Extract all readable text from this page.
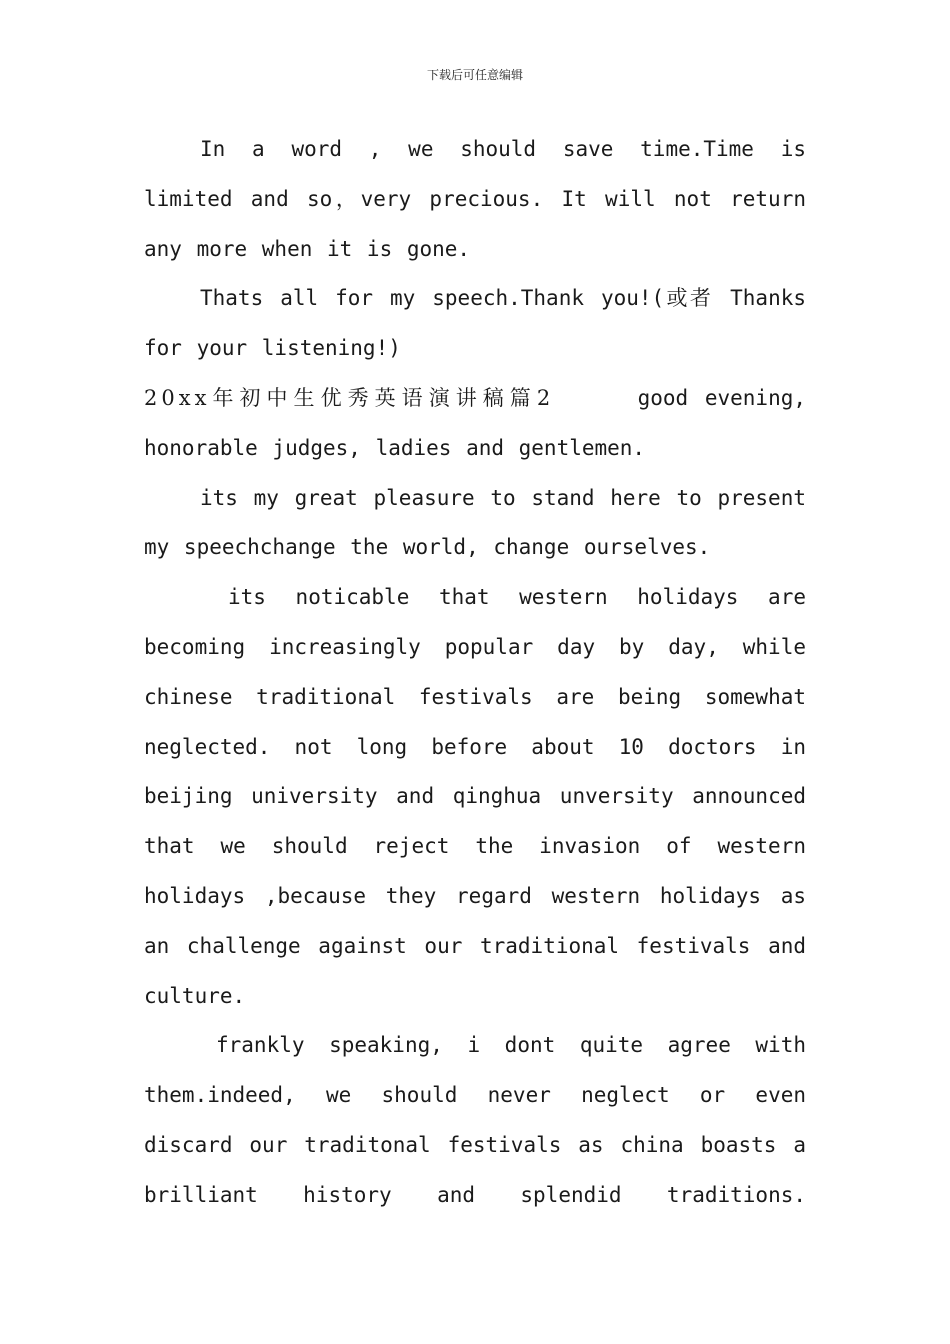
下载后可任意编辑

In a word , we should save time.Time is limited and so，very precious. It will not return any more when it is gone.

Thats all for my speech.Thank you!(或者 Thanks for your listening!)

20xx年初中生优秀英语演讲稿篇2     good evening, honorable judges, ladies and gentlemen.

its my great pleasure to stand here to present my speechchange the world, change ourselves.

its noticable that western holidays are becoming increasingly popular day by day, while chinese traditional festivals are being somewhat neglected. not long before about 10 doctors in beijing university and qinghua unversity announced that we should reject the invasion of western holidays ,because they regard western holidays as an challenge against our traditional festivals and culture.

frankly speaking, i dont quite agree with them.indeed, we should never neglect or even discard our traditonal festivals as china boasts a brilliant history and splendid traditions.
